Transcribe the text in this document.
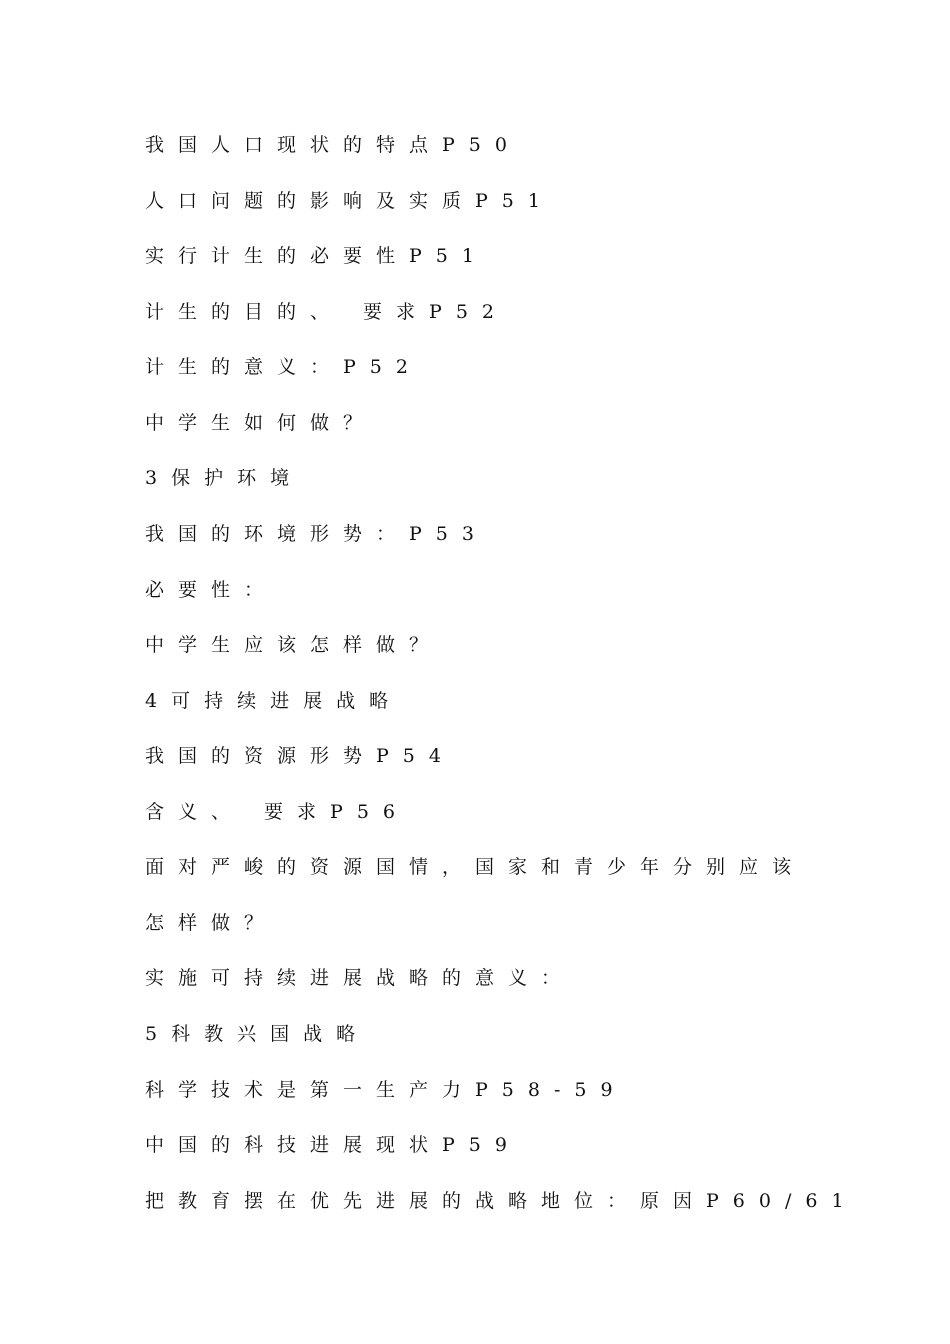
我国人口现状的特点P50

人口问题的影响及实质P51

实行计生的必要性P51

计生的目的、 要求P52

计生的意义：P52

中学生如何做？

3保护环境

我国的环境形势：P53

必要性：

中学生应该怎样做？

4可持续进展战略

我国的资源形势P54

含义、 要求P56

面对严峻的资源国情，国家和青少年分别应该

怎样做？

实施可持续进展战略的意义：

5科教兴国战略

科学技术是第一生产力P58-59

中国的科技进展现状P59

把教育摆在优先进展的战略地位：原因P60/61
